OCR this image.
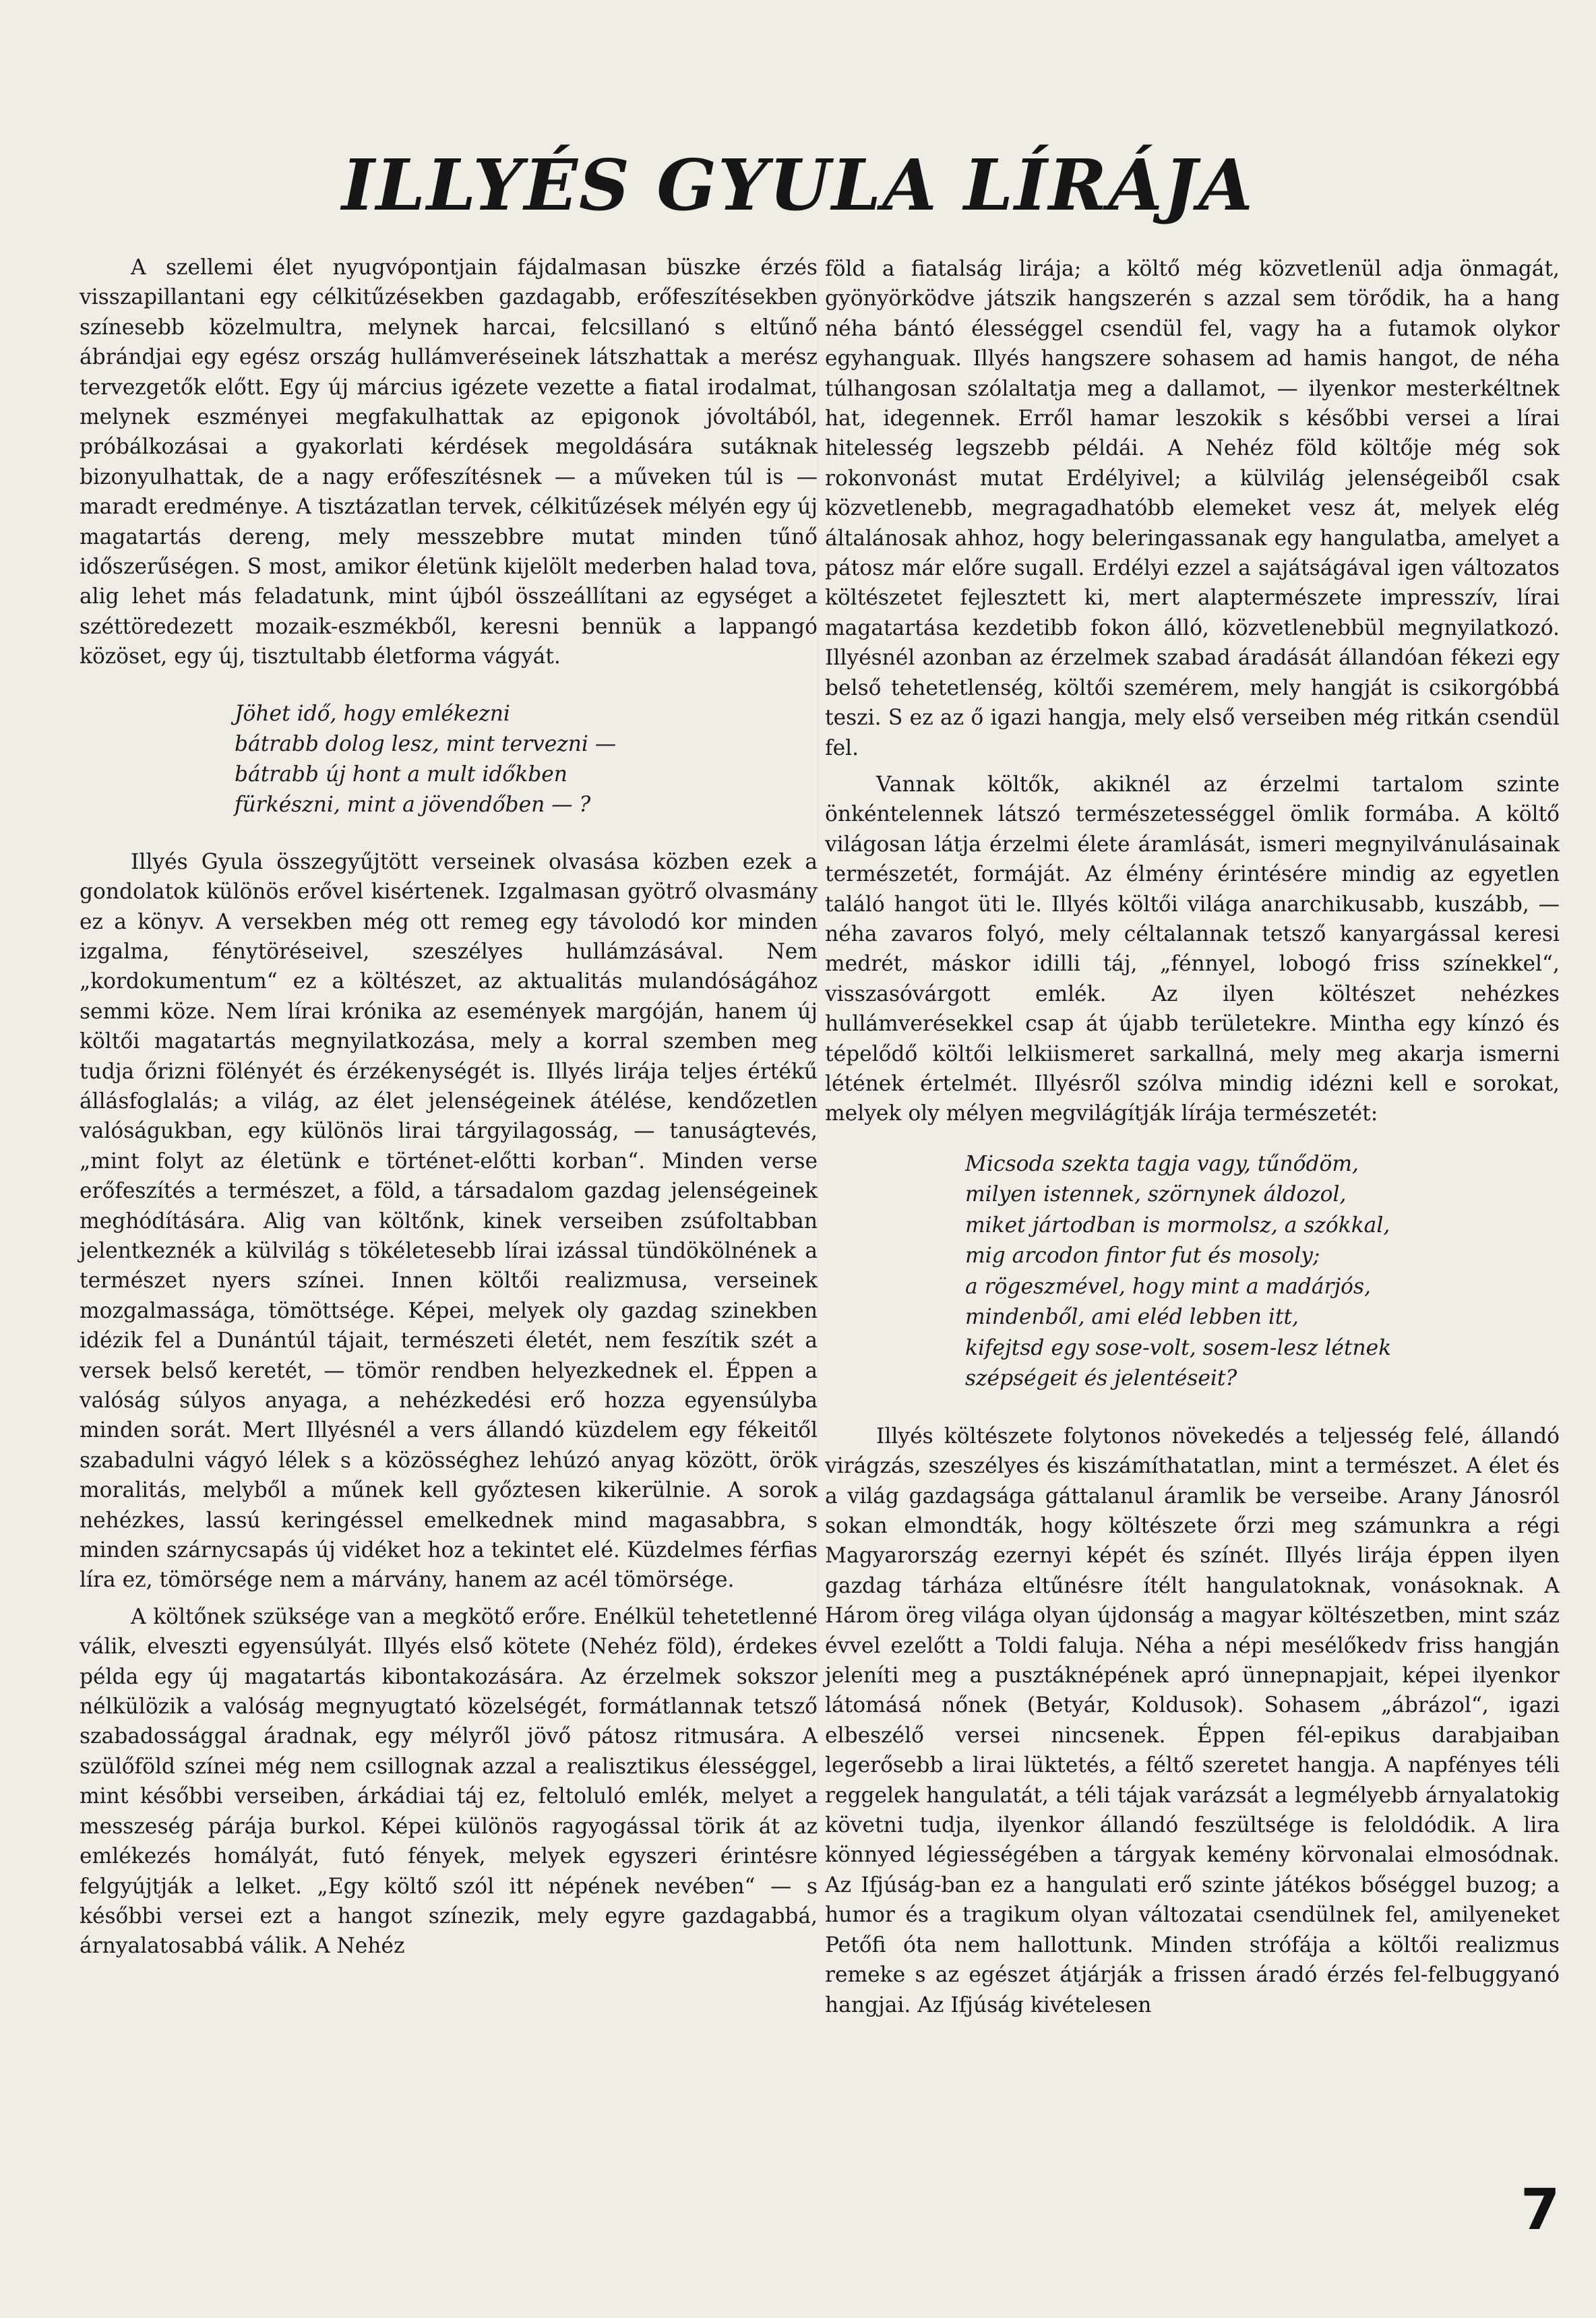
ILLYÉS GYULA LÍRÁJA

A szellemi élet nyugvópontjain fájdalmasan büszke érzés visszapillantani egy célkitűzésekben gazdagabb, erőfeszítésekben színesebb közelmultra, melynek harcai, felcsillanó s eltűnő ábrándjai egy egész ország hullámveréseinek látszhattak a merész tervezgetők előtt. Egy új március igézete vezette a fiatal irodalmat, melynek eszményei megfakulhattak az epigonok jóvoltából, próbálkozásai a gyakorlati kérdések megoldására sutáknak bizonyulhattak, de a nagy erőfeszítésnek — a műveken túl is — maradt eredménye. A tisztázatlan tervek, célkitűzések mélyén egy új magatartás dereng, mely messzebbre mutat minden tűnő időszerűségen. S most, amikor életünk kijelölt mederben halad tova, alig lehet más feladatunk, mint újból összeállítani az egységet a széttöredezett mozaik-eszmékből, keresni bennük a lappangó közöset, egy új, tisztultabb életforma vágyát.

Jöhet idő, hogy emlékezni
bátrabb dolog lesz, mint tervezni —
bátrabb új hont a mult időkben
fürkészni, mint a jövendőben — ?

Illyés Gyula összegyűjtött verseinek olvasása közben ezek a gondolatok különös erővel kisértenek. Izgalmasan gyötrő olvasmány ez a könyv. A versekben még ott remeg egy távolodó kor minden izgalma, fénytöréseivel, szeszélyes hullámzásával. Nem „kordokumentum“ ez a költészet, az aktualitás mulandóságához semmi köze. Nem lírai krónika az események margóján, hanem új költői magatartás megnyilatkozása, mely a korral szemben meg tudja őrizni fölényét és érzékenységét is. Illyés lirája teljes értékű állásfoglalás; a világ, az élet jelenségeinek átélése, kendőzetlen valóságukban, egy különös lirai tárgyilagosság, — tanuságtevés, „mint folyt az életünk e történet-előtti korban“. Minden verse erőfeszítés a természet, a föld, a társadalom gazdag jelenségeinek meghódítására. Alig van költőnk, kinek verseiben zsúfoltabban jelentkeznék a külvilág s tökéletesebb lírai izással tündökölnének a természet nyers színei. Innen költői realizmusa, verseinek mozgalmassága, tömöttsége. Képei, melyek oly gazdag szinekben idézik fel a Dunántúl tájait, természeti életét, nem feszítik szét a versek belső keretét, — tömör rendben helyezkednek el. Éppen a valóság súlyos anyaga, a nehézkedési erő hozza egyensúlyba minden sorát. Mert Illyésnél a vers állandó küzdelem egy fékeitől szabadulni vágyó lélek s a közösséghez lehúzó anyag között, örök moralitás, melyből a műnek kell győztesen kikerülnie. A sorok nehézkes, lassú keringéssel emelkednek mind magasabbra, s minden szárnycsapás új vidéket hoz a tekintet elé. Küzdelmes férfias líra ez, tömörsége nem a márvány, hanem az acél tömörsége.

A költőnek szüksége van a megkötő erőre. Enélkül tehetetlenné válik, elveszti egyensúlyát. Illyés első kötete (Nehéz föld), érdekes példa egy új magatartás kibontakozására. Az érzelmek sokszor nélkülözik a valóság megnyugtató közelségét, formátlannak tetsző szabadossággal áradnak, egy mélyről jövő pátosz ritmusára. A szülőföld színei még nem csillognak azzal a realisztikus élességgel, mint későbbi verseiben, árkádiai táj ez, feltoluló emlék, melyet a messzeség párája burkol. Képei különös ragyogással törik át az emlékezés homályát, futó fények, melyek egyszeri érintésre felgyújtják a lelket. „Egy költő szól itt népének nevében“ — s későbbi versei ezt a hangot színezik, mely egyre gazdagabbá, árnyalatosabbá válik. A Nehéz

föld a fiatalság lirája; a költő még közvetlenül adja önmagát, gyönyörködve játszik hangszerén s azzal sem törődik, ha a hang néha bántó élességgel csendül fel, vagy ha a futamok olykor egyhanguak. Illyés hangszere sohasem ad hamis hangot, de néha túlhangosan szólaltatja meg a dallamot, — ilyenkor mesterkéltnek hat, idegennek. Erről hamar leszokik s későbbi versei a lírai hitelesség legszebb példái. A Nehéz föld költője még sok rokonvonást mutat Erdélyivel; a külvilág jelenségeiből csak közvetlenebb, megragadhatóbb elemeket vesz át, melyek elég általánosak ahhoz, hogy beleringassanak egy hangulatba, amelyet a pátosz már előre sugall. Erdélyi ezzel a sajátságával igen változatos költészetet fejlesztett ki, mert alaptermészete impresszív, lírai magatartása kezdetibb fokon álló, közvetlenebbül megnyilatkozó. Illyésnél azonban az érzelmek szabad áradását állandóan fékezi egy belső tehetetlenség, költői szemérem, mely hangját is csikorgóbbá teszi. S ez az ő igazi hangja, mely első verseiben még ritkán csendül fel.

Vannak költők, akiknél az érzelmi tartalom szinte önkéntelennek látszó természetességgel ömlik formába. A költő világosan látja érzelmi élete áramlását, ismeri megnyilvánulásainak természetét, formáját. Az élmény érintésére mindig az egyetlen találó hangot üti le. Illyés költői világa anarchikusabb, kuszább, — néha zavaros folyó, mely céltalannak tetsző kanyargással keresi medrét, máskor idilli táj, „fénnyel, lobogó friss színekkel“, visszasóvárgott emlék. Az ilyen költészet nehézkes hullámverésekkel csap át újabb területekre. Mintha egy kínzó és tépelődő költői lelkiismeret sarkallná, mely meg akarja ismerni létének értelmét. Illyésről szólva mindig idézni kell e sorokat, melyek oly mélyen megvilágítják lírája természetét:

Micsoda szekta tagja vagy, tűnődöm,
milyen istennek, szörnynek áldozol,
miket jártodban is mormolsz, a szókkal,
mig arcodon fintor fut és mosoly;
a rögeszmével, hogy mint a madárjós,
mindenből, ami eléd lebben itt,
kifejtsd egy sose-volt, sosem-lesz létnek
szépségeit és jelentéseit?

Illyés költészete folytonos növekedés a teljesség felé, állandó virágzás, szeszélyes és kiszámíthatatlan, mint a természet. A élet és a világ gazdagsága gáttalanul áramlik be verseibe. Arany Jánosról sokan elmondták, hogy költészete őrzi meg számunkra a régi Magyarország ezernyi képét és színét. Illyés lirája éppen ilyen gazdag tárháza eltűnésre ítélt hangulatoknak, vonásoknak. A Három öreg világa olyan újdonság a magyar költészetben, mint száz évvel ezelőtt a Toldi faluja. Néha a népi mesélőkedv friss hangján jeleníti meg a pusztáknépének apró ünnepnapjait, képei ilyenkor látomásá nőnek (Betyár, Koldusok). Sohasem „ábrázol“, igazi elbeszélő versei nincsenek. Éppen fél-epikus darabjaiban legerősebb a lirai lüktetés, a féltő szeretet hangja. A napfényes téli reggelek hangulatát, a téli tájak varázsát a legmélyebb árnyalatokig követni tudja, ilyenkor állandó feszültsége is feloldódik. A lira könnyed légiességében a tárgyak kemény körvonalai elmosódnak. Az Ifjúság-ban ez a hangulati erő szinte játékos bőséggel buzog; a humor és a tragikum olyan változatai csendülnek fel, amilyeneket Petőfi óta nem hallottunk. Minden strófája a költői realizmus remeke s az egészet átjárják a frissen áradó érzés fel-felbuggyanó hangjai. Az Ifjúság kivételesen

7
